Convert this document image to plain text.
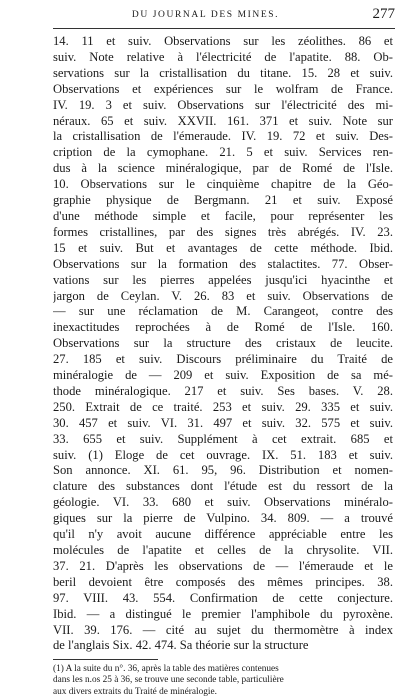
DU JOURNAL DES MINES.	277
14. 11 et suiv. Observations sur les zéolithes. 86 et
suiv. Note relative à l'électricité de l'apatite. 88. Ob-
servations sur la cristallisation du titane. 15. 28 et suiv.
Observations et expériences sur le wolfram de France.
IV. 19. 3 et suiv. Observations sur l'électricité des mi-
néraux. 65 et suiv. XXVII. 161. 371 et suiv. Note sur
la cristallisation de l'émeraude. IV. 19. 72 et suiv. Des-
cription de la cymophane. 21. 5 et suiv. Services ren-
dus à la science minéralogique, par de Romé de l'Isle.
10. Observations sur le cinquième chapitre de la Géo-
graphie physique de Bergmann. 21 et suiv. Exposé
d'une méthode simple et facile, pour représenter les
formes cristallines, par des signes très abrégés. IV. 23.
15 et suiv. But et avantages de cette méthode. Ibid.
Observations sur la formation des stalactites. 77. Obser-
vations sur les pierres appelées jusqu'ici hyacinthe et
jargon de Ceylan. V. 26. 83 et suiv. Observations de
— sur une réclamation de M. Carangeot, contre des
inexactitudes reprochées à de Romé de l'Isle. 160.
Observations sur la structure des cristaux de leucite.
27. 185 et suiv. Discours préliminaire du Traité de
minéralogie de — 209 et suiv. Exposition de sa mé-
thode minéralogique. 217 et suiv. Ses bases. V. 28.
250. Extrait de ce traité. 253 et suiv. 29. 335 et suiv.
30. 457 et suiv. VI. 31. 497 et suiv. 32. 575 et suiv.
33. 655 et suiv. Supplément à cet extrait. 685 et
suiv. (1) Eloge de cet ouvrage. IX. 51. 183 et suiv.
Son annonce. XI. 61. 95, 96. Distribution et nomen-
clature des substances dont l'étude est du ressort de la
géologie. VI. 33. 680 et suiv. Observations minéralo-
giques sur la pierre de Vulpino. 34. 809. — a trouvé
qu'il n'y avoit aucune différence appréciable entre les
molécules de l'apatite et celles de la chrysolite. VII.
37. 21. D'après les observations de — l'émeraude et le
beril devoient être composés des mêmes principes. 38.
97. VIII. 43. 554. Confirmation de cette conjecture.
Ibid. — a distingué le premier l'amphibole du pyroxène.
VII. 39. 176. — cité au sujet du thermomètre à index
de l'anglais Six. 42. 474. Sa théorie sur la structure
(1) A la suite du n°. 36, après la table des matières contenues
dans les n.os 25 à 36, se trouve une seconde table, particulière
aux divers extraits du Traité de minéralogie.
